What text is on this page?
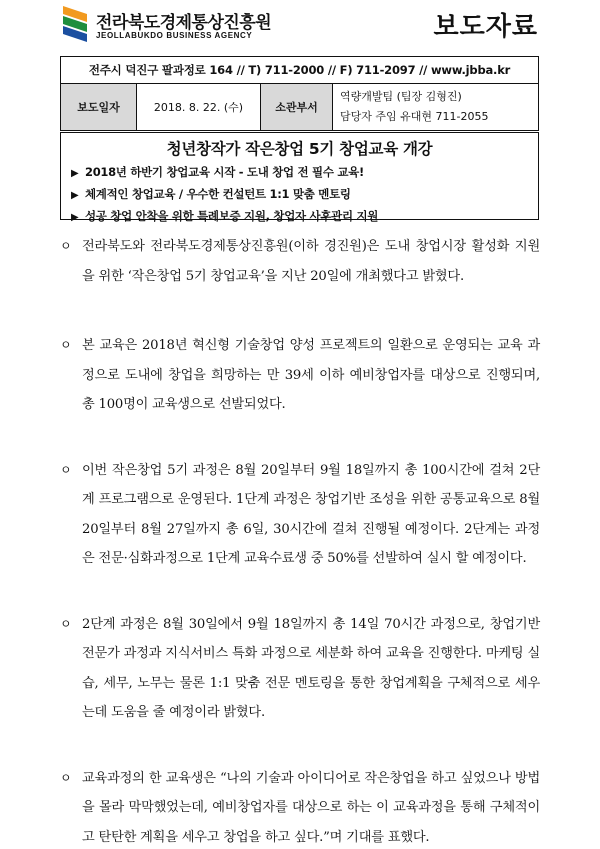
전라북도경제통상진흥원
JEOLLABUKDO BUSINESS AGENCY	보도자료
전주시 덕진구 팔과정로 164 // T) 711-2000 // F) 711-2097 // www.jbba.kr
보도일자	2018. 8. 22. (수)	소관부서
역량개발팀 (팀장 김형진)
담당자 주임 유대현 711-2055
청년창작가 작은창업 5기 창업교육 개강
▶ 2018년 하반기 창업교육 시작 - 도내 창업 전 필수 교육!
▶ 체계적인 창업교육 / 우수한 컨설턴트 1:1 맞춤 멘토링
▶ 성공 창업 안착을 위한 특례보증 지원, 창업자 사후관리 지원
ㅇ 전라북도와 전라북도경제통상진흥원(이하 경진원)은 도내 창업시장 활성화 지원을 위한 ‘작은창업 5기 창업교육’을 지난 20일에 개최했다고 밝혔다.
ㅇ 본 교육은 2018년 혁신형 기술창업 양성 프로젝트의 일환으로 운영되는 교육 과정으로 도내에 창업을 희망하는 만 39세 이하 예비창업자를 대상으로 진행되며, 총 100명이 교육생으로 선발되었다.
ㅇ 이번 작은창업 5기 과정은 8월 20일부터 9월 18일까지 총 100시간에 걸쳐 2단계 프로그램으로 운영된다. 1단계 과정은 창업기반 조성을 위한 공통교육으로 8월 20일부터 8월 27일까지 총 6일, 30시간에 걸쳐 진행될 예정이다. 2단계는 과정은 전문·심화과정으로 1단계 교육수료생 중 50%를 선발하여 실시 할 예정이다.
ㅇ 2단계 과정은 8월 30일에서 9월 18일까지 총 14일 70시간 과정으로, 창업기반 전문가 과정과 지식서비스 특화 과정으로 세분화 하여 교육을 진행한다. 마케팅 실습, 세무, 노무는 물론 1:1 맞춤 전문 멘토링을 통한 창업계획을 구체적으로 세우는데 도움을 줄 예정이라 밝혔다.
ㅇ 교육과정의 한 교육생은 “나의 기술과 아이디어로 작은창업을 하고 싶었으나 방법을 몰라 막막했었는데, 예비창업자를 대상으로 하는 이 교육과정을 통해 구체적이고 탄탄한 계획을 세우고 창업을 하고 싶다.”며 기대를 표했다.
